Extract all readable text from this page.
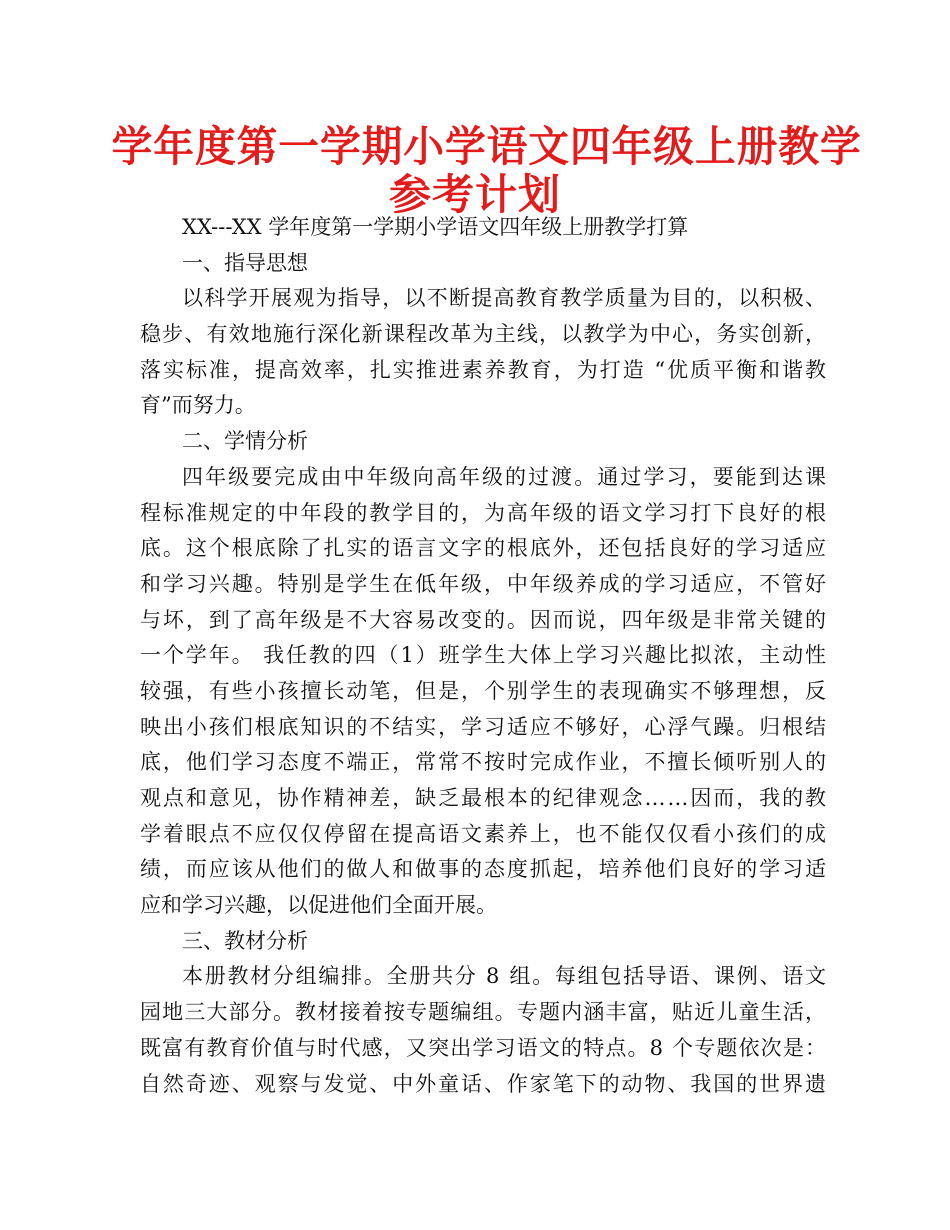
学年度第一学期小学语文四年级上册教学
参考计划
XX---XX 学年度第一学期小学语文四年级上册教学打算
一、指导思想
以科学开展观为指导，以不断提高教育教学质量为目的，以积极、
稳步、有效地施行深化新课程改革为主线，以教学为中心，务实创新，
落实标准，提高效率，扎实推进素养教育，为打造 “优质平衡和谐教
育”而努力。
二、学情分析
四年级要完成由中年级向高年级的过渡。通过学习，要能到达课
程标准规定的中年段的教学目的，为高年级的语文学习打下良好的根
底。这个根底除了扎实的语言文字的根底外，还包括良好的学习适应
和学习兴趣。特别是学生在低年级，中年级养成的学习适应，不管好
与坏，到了高年级是不大容易改变的。因而说，四年级是非常关键的
一个学年。 我任教的四（1）班学生大体上学习兴趣比拟浓，主动性
较强，有些小孩擅长动笔，但是，个别学生的表现确实不够理想，反
映出小孩们根底知识的不结实，学习适应不够好，心浮气躁。归根结
底，他们学习态度不端正，常常不按时完成作业，不擅长倾听别人的
观点和意见，协作精神差，缺乏最根本的纪律观念……因而，我的教
学着眼点不应仅仅停留在提高语文素养上，也不能仅仅看小孩们的成
绩，而应该从他们的做人和做事的态度抓起，培养他们良好的学习适
应和学习兴趣，以促进他们全面开展。
三、教材分析
本册教材分组编排。全册共分 8 组。每组包括导语、课例、语文
园地三大部分。教材接着按专题编组。专题内涵丰富，贴近儿童生活，
既富有教育价值与时代感，又突出学习语文的特点。8 个专题依次是：
自然奇迹、观察与发觉、中外童话、作家笔下的动物、我国的世界遗
